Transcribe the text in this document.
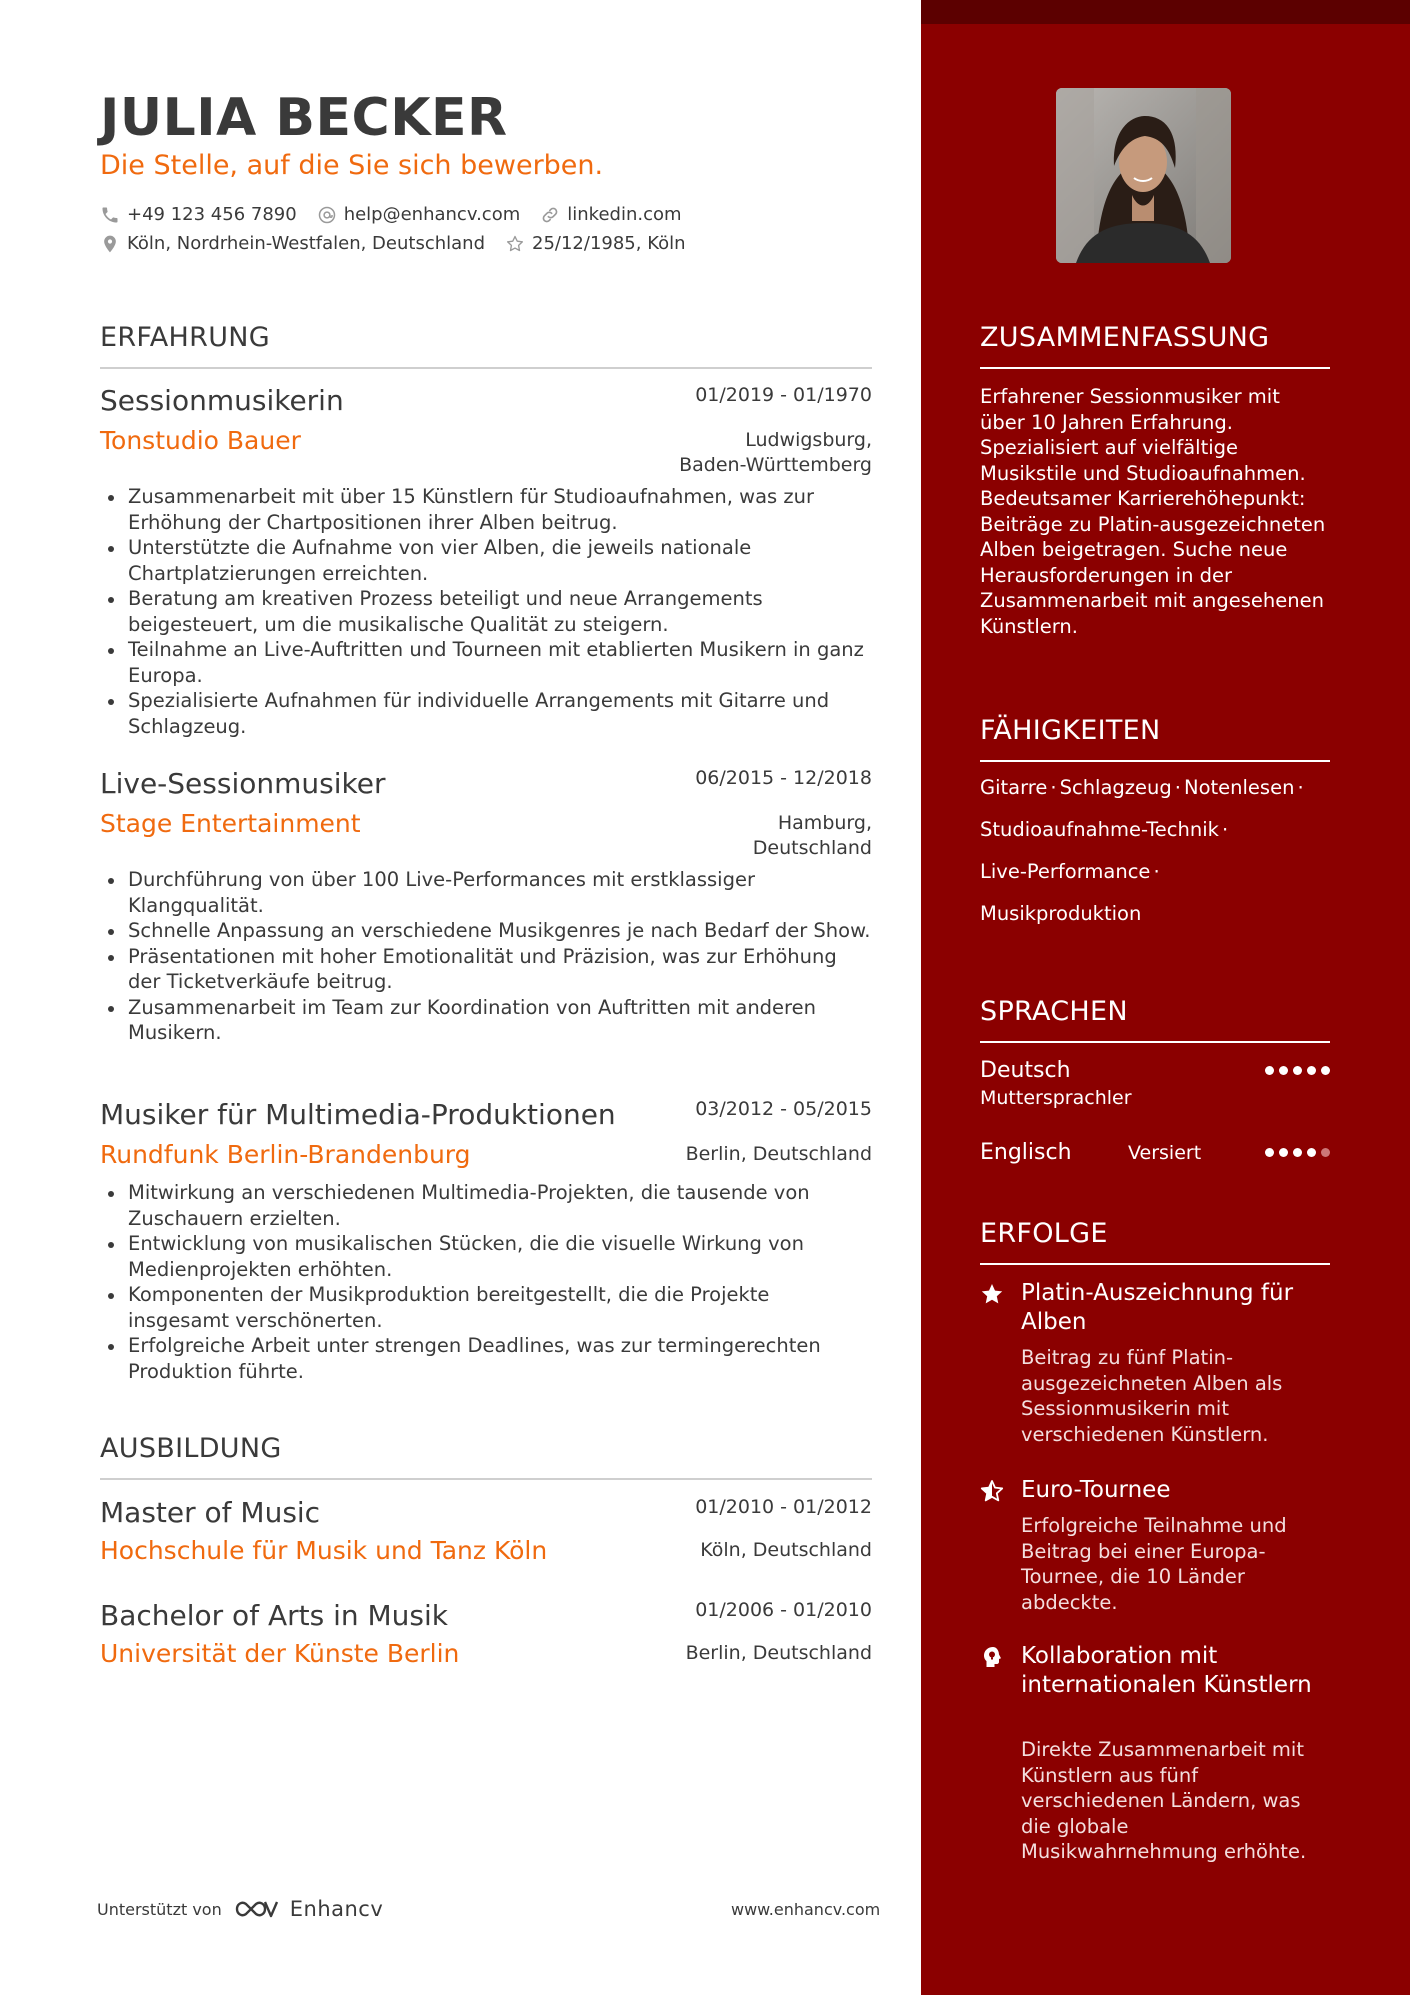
JULIA BECKER
Die Stelle, auf die Sie sich bewerben.
+49 123 456 7890	help@enhancv.com	linkedin.com
Köln, Nordrhein-Westfalen, Deutschland	25/12/1985, Köln
ERFAHRUNG
Sessionmusikerin	01/2019 - 01/1970
Tonstudio Bauer	Ludwigsburg,
Baden-Württemberg
Zusammenarbeit mit über 15 Künstlern für Studioaufnahmen, was zur Erhöhung der Chartpositionen ihrer Alben beitrug.
Unterstützte die Aufnahme von vier Alben, die jeweils nationale Chartplatzierungen erreichten.
Beratung am kreativen Prozess beteiligt und neue Arrangements beigesteuert, um die musikalische Qualität zu steigern.
Teilnahme an Live-Auftritten und Tourneen mit etablierten Musikern in ganz Europa.
Spezialisierte Aufnahmen für individuelle Arrangements mit Gitarre und Schlagzeug.
Live-Sessionmusiker	06/2015 - 12/2018
Stage Entertainment	Hamburg,
Deutschland
Durchführung von über 100 Live-Performances mit erstklassiger Klangqualität.
Schnelle Anpassung an verschiedene Musikgenres je nach Bedarf der Show.
Präsentationen mit hoher Emotionalität und Präzision, was zur Erhöhung der Ticketverkäufe beitrug.
Zusammenarbeit im Team zur Koordination von Auftritten mit anderen Musikern.
Musiker für Multimedia-Produktionen	03/2012 - 05/2015
Rundfunk Berlin-Brandenburg	Berlin, Deutschland
Mitwirkung an verschiedenen Multimedia-Projekten, die tausende von Zuschauern erzielten.
Entwicklung von musikalischen Stücken, die die visuelle Wirkung von Medienprojekten erhöhten.
Komponenten der Musikproduktion bereitgestellt, die die Projekte insgesamt verschönerten.
Erfolgreiche Arbeit unter strengen Deadlines, was zur termingerechten Produktion führte.
AUSBILDUNG
Master of Music	01/2010 - 01/2012
Hochschule für Musik und Tanz Köln	Köln, Deutschland
Bachelor of Arts in Musik	01/2006 - 01/2010
Universität der Künste Berlin	Berlin, Deutschland
Unterstützt von	Enhancv	www.enhancv.com
ZUSAMMENFASSUNG
Erfahrener Sessionmusiker mit über 10 Jahren Erfahrung. Spezialisiert auf vielfältige Musikstile und Studioaufnahmen. Bedeutsamer Karrierehöhepunkt: Beiträge zu Platin-ausgezeichneten Alben beigetragen. Suche neue Herausforderungen in der Zusammenarbeit mit angesehenen Künstlern.
FÄHIGKEITEN
Gitarre · Schlagzeug · Notenlesen ·
Studioaufnahme-Technik ·
Live-Performance ·
Musikproduktion
SPRACHEN
Deutsch
Muttersprachler
Englisch	Versiert
ERFOLGE
Platin-Auszeichnung für Alben
Beitrag zu fünf Platin-ausgezeichneten Alben als Sessionmusikerin mit verschiedenen Künstlern.
Euro-Tournee
Erfolgreiche Teilnahme und Beitrag bei einer Europa-Tournee, die 10 Länder abdeckte.
Kollaboration mit internationalen Künstlern
Direkte Zusammenarbeit mit Künstlern aus fünf verschiedenen Ländern, was die globale Musikwahrnehmung erhöhte.
